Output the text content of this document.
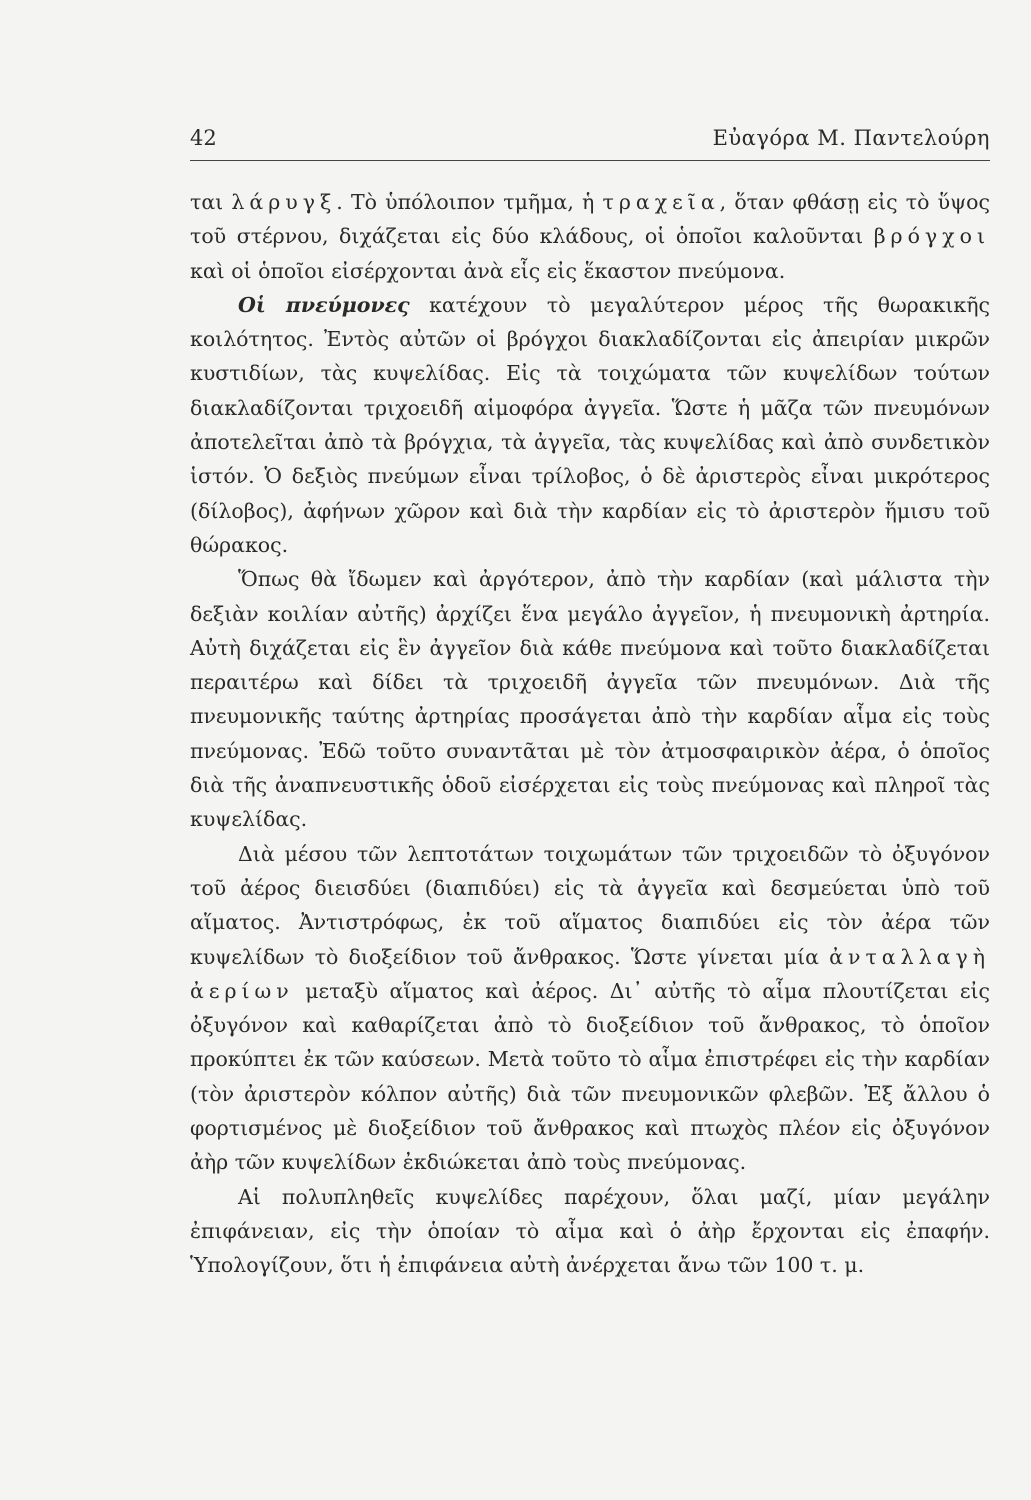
42	Εὐαγόρα Μ. Παντελούρη

ται λάρυγξ. Τὸ ὑπόλοιπον τμῆμα, ἡ τραχεῖα, ὅταν φθάσῃ εἰς τὸ ὕψος τοῦ στέρνου, διχάζεται εἰς δύο κλάδους, οἱ ὁποῖοι καλοῦνται βρόγχοι καὶ οἱ ὁποῖοι εἰσέρχονται ἀνὰ εἷς εἰς ἕκαστον πνεύμονα.

Οἱ πνεύμονες κατέχουν τὸ μεγαλύτερον μέρος τῆς θωρακικῆς κοιλότητος. Ἐντὸς αὐτῶν οἱ βρόγχοι διακλαδίζονται εἰς ἀπειρίαν μικρῶν κυστιδίων, τὰς κυψελίδας. Εἰς τὰ τοιχώματα τῶν κυψελίδων τούτων διακλαδίζονται τριχοειδῆ αἱμοφόρα ἀγγεῖα. Ὥστε ἡ μᾶζα τῶν πνευμόνων ἀποτελεῖται ἀπὸ τὰ βρόγχια, τὰ ἀγγεῖα, τὰς κυψελίδας καὶ ἀπὸ συνδετικὸν ἱστόν. Ὁ δεξιὸς πνεύμων εἶναι τρίλοβος, ὁ δὲ ἀριστερὸς εἶναι μικρότερος (δίλοβος), ἀφήνων χῶρον καὶ διὰ τὴν καρδίαν εἰς τὸ ἀριστερὸν ἥμισυ τοῦ θώρακος.

Ὅπως θὰ ἴδωμεν καὶ ἀργότερον, ἀπὸ τὴν καρδίαν (καὶ μάλιστα τὴν δεξιὰν κοιλίαν αὐτῆς) ἀρχίζει ἕνα μεγάλο ἀγγεῖον, ἡ πνευμονικὴ ἀρτηρία. Αὐτὴ διχάζεται εἰς ἓν ἀγγεῖον διὰ κάθε πνεύμονα καὶ τοῦτο διακλαδίζεται περαιτέρω καὶ δίδει τὰ τριχοειδῆ ἀγγεῖα τῶν πνευμόνων. Διὰ τῆς πνευμονικῆς ταύτης ἀρτηρίας προσάγεται ἀπὸ τὴν καρδίαν αἷμα εἰς τοὺς πνεύμονας. Ἐδῶ τοῦτο συναντᾶται μὲ τὸν ἀτμοσφαιρικὸν ἀέρα, ὁ ὁποῖος διὰ τῆς ἀναπνευστικῆς ὁδοῦ εἰσέρχεται εἰς τοὺς πνεύμονας καὶ πληροῖ τὰς κυψελίδας.

Διὰ μέσου τῶν λεπτοτάτων τοιχωμάτων τῶν τριχοειδῶν τὸ ὀξυγόνον τοῦ ἀέρος διεισδύει (διαπιδύει) εἰς τὰ ἀγγεῖα καὶ δεσμεύεται ὑπὸ τοῦ αἵματος. Ἀντιστρόφως, ἐκ τοῦ αἵματος διαπιδύει εἰς τὸν ἀέρα τῶν κυψελίδων τὸ διοξείδιον τοῦ ἄνθρακος. Ὥστε γίνεται μία ἀνταλλαγὴ ἀερίων μεταξὺ αἵματος καὶ ἀέρος. Δι᾽ αὐτῆς τὸ αἷμα πλουτίζεται εἰς ὀξυγόνον καὶ καθαρίζεται ἀπὸ τὸ διοξείδιον τοῦ ἄνθρακος, τὸ ὁποῖον προκύπτει ἐκ τῶν καύσεων. Μετὰ τοῦτο τὸ αἷμα ἐπιστρέφει εἰς τὴν καρδίαν (τὸν ἀριστερὸν κόλπον αὐτῆς) διὰ τῶν πνευμονικῶν φλεβῶν. Ἐξ ἄλλου ὁ φορτισμένος μὲ διοξείδιον τοῦ ἄνθρακος καὶ πτωχὸς πλέον εἰς ὀξυγόνον ἀὴρ τῶν κυψελίδων ἐκδιώκεται ἀπὸ τοὺς πνεύμονας.

Αἱ πολυπληθεῖς κυψελίδες παρέχουν, ὅλαι μαζί, μίαν μεγάλην ἐπιφάνειαν, εἰς τὴν ὁποίαν τὸ αἷμα καὶ ὁ ἀὴρ ἔρχονται εἰς ἐπαφήν. Ὑπολογίζουν, ὅτι ἡ ἐπιφάνεια αὐτὴ ἀνέρχεται ἄνω τῶν 100 τ. μ.
